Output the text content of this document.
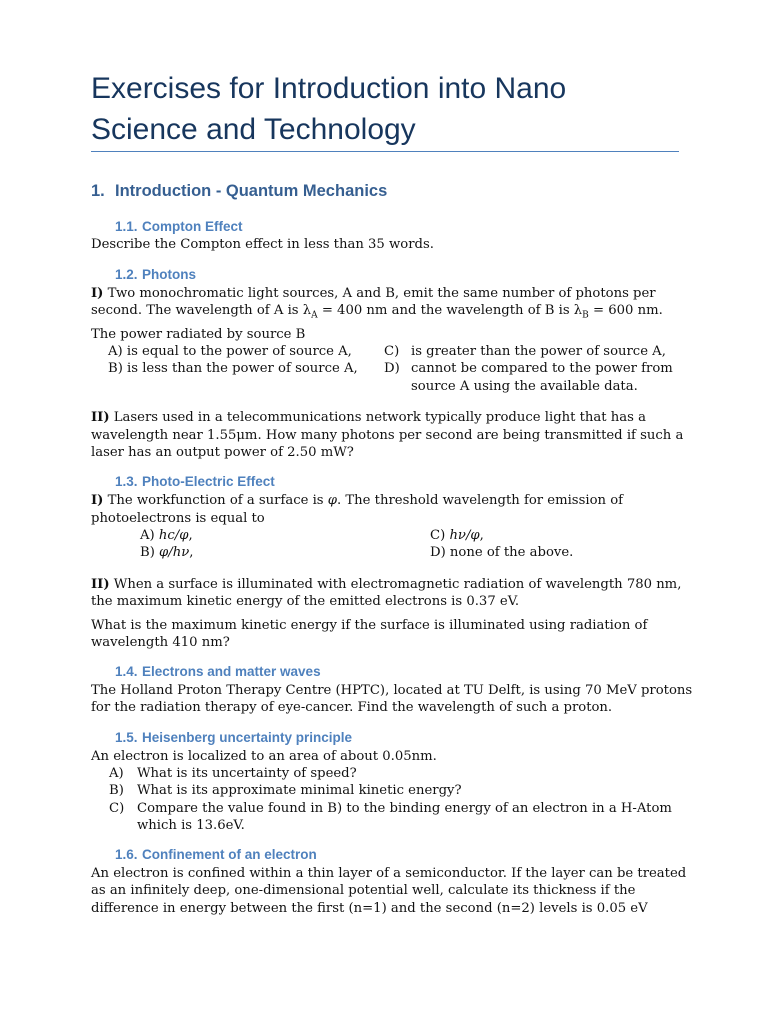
Exercises for Introduction into Nano
Science and Technology
1. Introduction - Quantum Mechanics
1.1. Compton Effect

Describe the Compton effect in less than 35 words.

1.2. Photons

I) Two monochromatic light sources, A and B, emit the same number of photons per

second. The wavelength of A is $\lambda_A = 400$ nm and the wavelength of B is $\lambda_B = 600$ nm.

The power radiated by source B

A) is equal to the power of source A,
B) is less than the power of source A,
C) is greater than the power of source A,
D) cannot be compared to the power from
source A using the available data.

II) Lasers used in a telecommunications network typically produce light that has a

wavelength near 1.55μm. How many photons per second are being transmitted if such a

laser has an output power of 2.50 mW?

1.3. Photo-Electric Effect

I) The workfunction of a surface is φ. The threshold wavelength for emission of

photoelectrons is equal to

A) hc/φ,
B) φ/hν,
C) hν/φ,
D) none of the above.

II) When a surface is illuminated with electromagnetic radiation of wavelength 780 nm,

the maximum kinetic energy of the emitted electrons is 0.37 eV.

What is the maximum kinetic energy if the surface is illuminated using radiation of

wavelength 410 nm?

1.4. Electrons and matter waves

The Holland Proton Therapy Centre (HPTC), located at TU Delft, is using 70 MeV protons

for the radiation therapy of eye-cancer. Find the wavelength of such a proton.

1.5. Heisenberg uncertainty principle

An electron is localized to an area of about 0.05nm.

A) What is its uncertainty of speed?
B) What is its approximate minimal kinetic energy?
C) Compare the value found in B) to the binding energy of an electron in a H-Atom
which is 13.6eV.
1.6. Confinement of an electron

An electron is confined within a thin layer of a semiconductor. If the layer can be treated

as an infinitely deep, one-dimensional potential well, calculate its thickness if the

difference in energy between the first (n=1) and the second (n=2) levels is 0.05 eV
